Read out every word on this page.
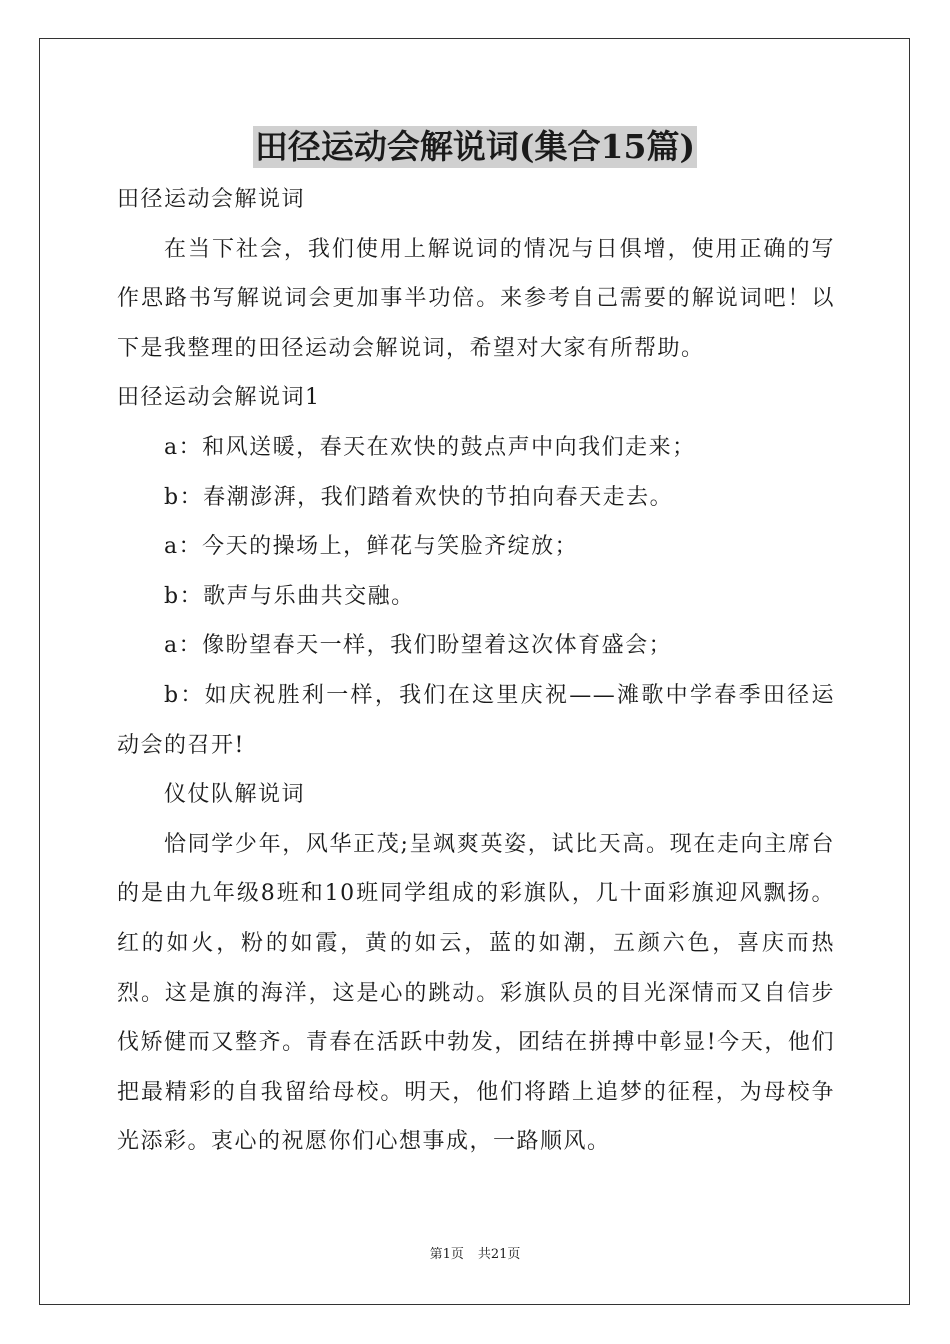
田径运动会解说词(集合15篇)
田径运动会解说词
在当下社会，我们使用上解说词的情况与日俱增，使用正确的写作思路书写解说词会更加事半功倍。来参考自己需要的解说词吧！以下是我整理的田径运动会解说词，希望对大家有所帮助。
田径运动会解说词1
a：和风送暖，春天在欢快的鼓点声中向我们走来；
b：春潮澎湃，我们踏着欢快的节拍向春天走去。
a：今天的操场上，鲜花与笑脸齐绽放；
b：歌声与乐曲共交融。
a：像盼望春天一样，我们盼望着这次体育盛会；
b：如庆祝胜利一样，我们在这里庆祝——滩歌中学春季田径运动会的召开!
仪仗队解说词
恰同学少年，风华正茂;呈飒爽英姿，试比天高。现在走向主席台的是由九年级8班和10班同学组成的彩旗队，几十面彩旗迎风飘扬。红的如火，粉的如霞，黄的如云，蓝的如潮，五颜六色，喜庆而热烈。这是旗的海洋，这是心的跳动。彩旗队员的目光深情而又自信步伐矫健而又整齐。青春在活跃中勃发，团结在拼搏中彰显!今天，他们把最精彩的自我留给母校。明天，他们将踏上追梦的征程，为母校争光添彩。衷心的祝愿你们心想事成，一路顺风。
第1页 共21页
